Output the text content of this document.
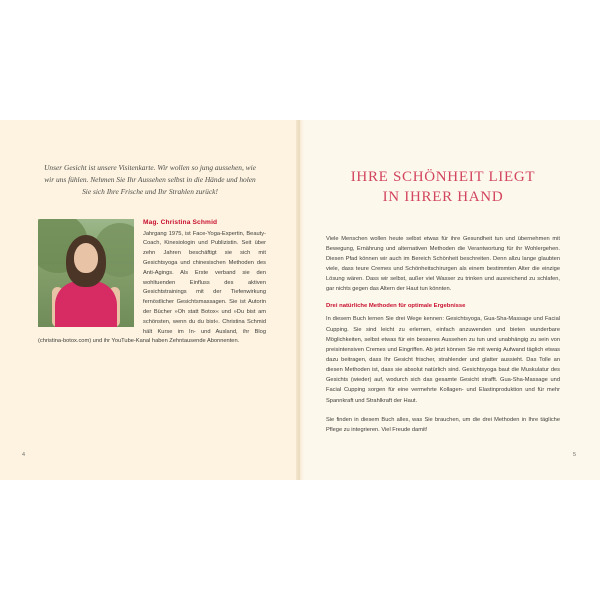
Unser Gesicht ist unsere Visitenkarte. Wir wollen so jung aussehen, wie wir uns fühlen. Nehmen Sie Ihr Aussehen selbst in die Hände und holen Sie sich Ihre Frische und Ihr Strahlen zurück!

Mag. Christina Schmid

Jahrgang 1975, ist Face-Yoga-Expertin, Beauty-Coach, Kinesiologin und Publizistin. Seit über zehn Jahren beschäftigt sie sich mit Gesichtsyoga und chinesischen Methoden des Anti-Agings. Als Erste verband sie den wohltuenden Einfluss des aktiven Gesichtstrainings mit der Tiefenwirkung fernöstlicher Gesichtsmassagen. Sie ist Autorin der Bücher »Oh statt Botox« und »Du bist am schönsten, wenn du du bist«. Christina Schmid hält Kurse im In- und Ausland, ihr Blog (christina-botox.com) und ihr YouTube-Kanal haben Zehntausende Abonnenten.

4
IHRE SCHÖNHEIT LIEGT
IN IHRER HAND

Viele Menschen wollen heute selbst etwas für ihre Gesundheit tun und übernehmen mit Bewegung, Ernährung und alternativen Methoden die Verantwortung für ihr Wohlergehen. Diesen Pfad können wir auch im Bereich Schönheit beschreiten. Denn allzu lange glaubten viele, dass teure Cremes und Schönheitschirurgen als einem bestimmten Alter die einzige Lösung wären. Dass wir selbst, außer viel Wasser zu trinken und ausreichend zu schlafen, gar nichts gegen das Altern der Haut tun könnten.

Drei natürliche Methoden für optimale Ergebnisse

In diesem Buch lernen Sie drei Wege kennen: Gesichtsyoga, Gua-Sha-Massage und Facial Cupping. Sie sind leicht zu erlernen, einfach anzuwenden und bieten wunderbare Möglichkeiten, selbst etwas für ein besseres Aussehen zu tun und unabhängig zu sein von preisintensiven Cremes und Eingriffen. Ab jetzt können Sie mit wenig Aufwand täglich etwas dazu beitragen, dass Ihr Gesicht frischer, strahlender und glatter aussieht. Das Tolle an diesen Methoden ist, dass sie absolut natürlich sind. Gesichtsyoga baut die Muskulatur des Gesichts (wieder) auf, wodurch sich das gesamte Gesicht strafft. Gua-Sha-Massage und Facial Cupping sorgen für eine vermehrte Kollagen- und Elastinproduktion und für mehr Spannkraft und Strahlkraft der Haut.

Sie finden in diesem Buch alles, was Sie brauchen, um die drei Methoden in Ihre tägliche Pflege zu integrieren. Viel Freude damit!

5
